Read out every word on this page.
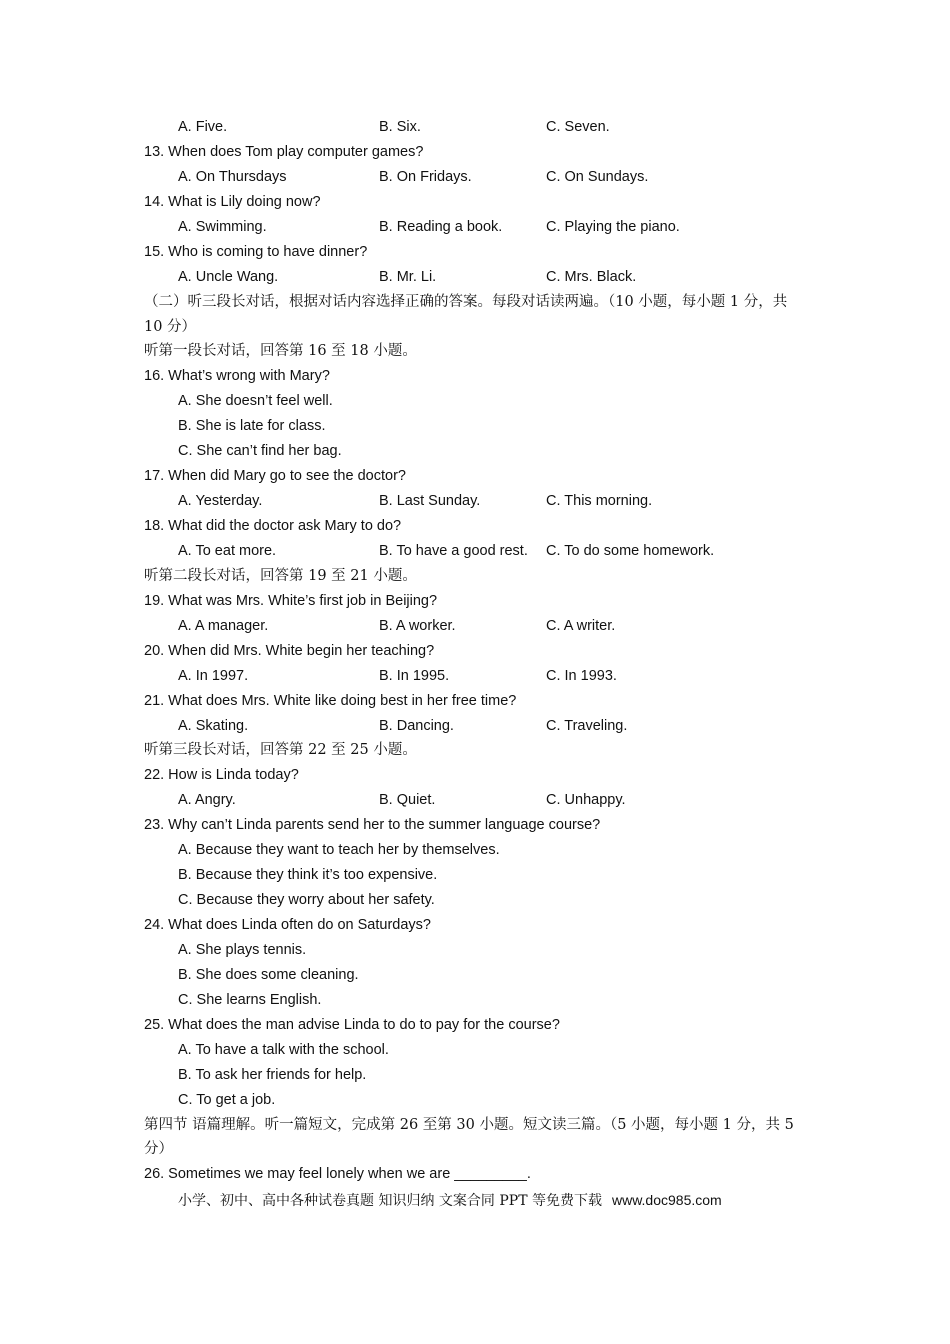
A. Five.	B. Six.	C. Seven.
13. When does Tom play computer games?
A. On Thursdays	B. On Fridays.	C. On Sundays.
14. What is Lily doing now?
A. Swimming.	B. Reading a book.	C. Playing the piano.
15. Who is coming to have dinner?
A. Uncle Wang.	B. Mr. Li.	C. Mrs. Black.
（二）听三段长对话，根据对话内容选择正确的答案。每段对话读两遍。（10 小题，每小题 1 分，共 10 分）
听第一段长对话，回答第 16 至 18 小题。
16. What’s wrong with Mary?
A. She doesn’t feel well.
B. She is late for class.
C. She can’t find her bag.
17. When did Mary go to see the doctor?
A. Yesterday.	B. Last Sunday.	C. This morning.
18. What did the doctor ask Mary to do?
A. To eat more.	B. To have a good rest. C. To do some homework.
听第二段长对话，回答第 19 至 21 小题。
19. What was Mrs. White’s first job in Beijing?
A. A manager.	B. A worker.	C. A writer.
20. When did Mrs. White begin her teaching?
A. In 1997.	B. In 1995.	C. In 1993.
21. What does Mrs. White like doing best in her free time?
A. Skating.	B. Dancing.	C. Traveling.
听第三段长对话，回答第 22 至 25 小题。
22. How is Linda today?
A. Angry.	B. Quiet.	C. Unhappy.
23. Why can’t Linda parents send her to the summer language course?
A. Because they want to teach her by themselves.
B. Because they think it’s too expensive.
C. Because they worry about her safety.
24. What does Linda often do on Saturdays?
A. She plays tennis.
B. She does some cleaning.
C. She learns English.
25. What does the man advise Linda to do to pay for the course?
A. To have a talk with the school.
B. To ask her friends for help.
C. To get a job.
第四节 语篇理解。听一篇短文，完成第 26 至第 30 小题。短文读三篇。（5 小题，每小题 1 分，共 5 分）
26. Sometimes we may feel lonely when we are _________.
小学、初中、高中各种试卷真题 知识归纳 文案合同 PPT 等免费下载 www.doc985.com
